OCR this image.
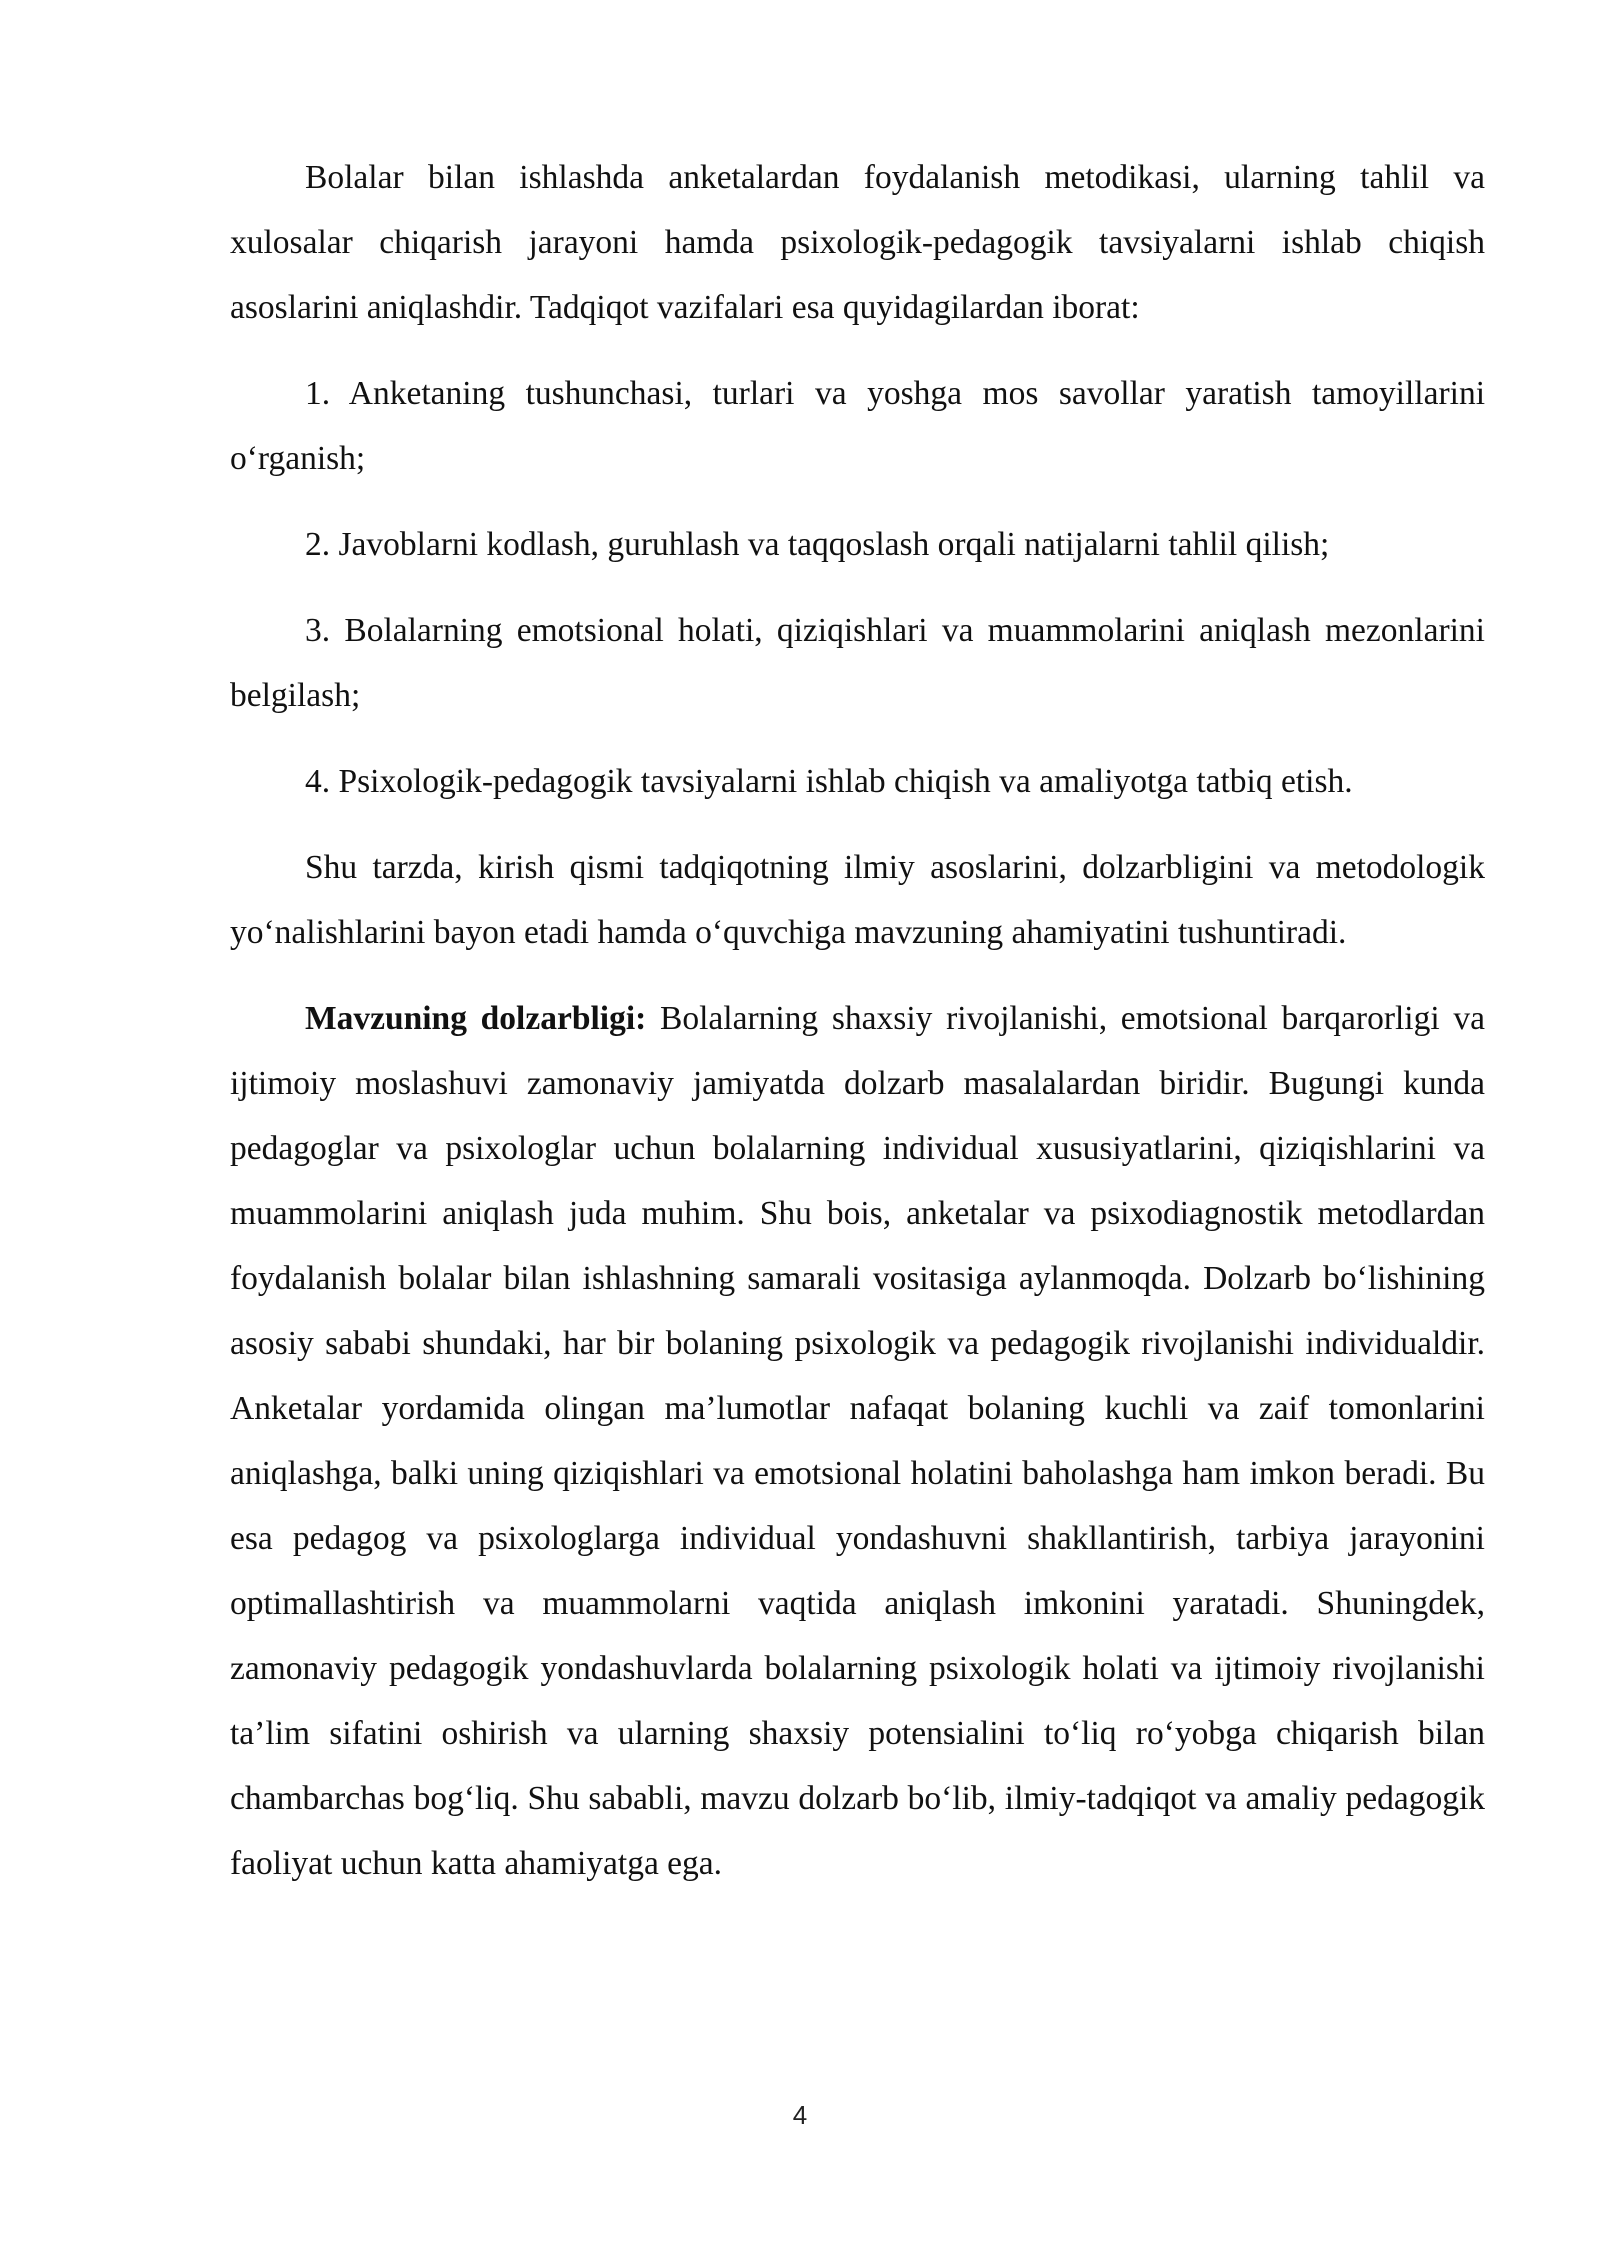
Bolalar bilan ishlashda anketalardan foydalanish metodikasi, ularning tahlil va xulosalar chiqarish jarayoni hamda psixologik-pedagogik tavsiyalarni ishlab chiqish asoslarini aniqlashdir. Tadqiqot vazifalari esa quyidagilardan iborat:

1. Anketaning tushunchasi, turlari va yoshga mos savollar yaratish tamoyillarini o‘rganish;

2. Javoblarni kodlash, guruhlash va taqqoslash orqali natijalarni tahlil qilish;

3. Bolalarning emotsional holati, qiziqishlari va muammolarini aniqlash mezonlarini belgilash;

4. Psixologik-pedagogik tavsiyalarni ishlab chiqish va amaliyotga tatbiq etish.

Shu tarzda, kirish qismi tadqiqotning ilmiy asoslarini, dolzarbligini va metodologik yo‘nalishlarini bayon etadi hamda o‘quvchiga mavzuning ahamiyatini tushuntiradi.

Mavzuning dolzarbligi: Bolalarning shaxsiy rivojlanishi, emotsional barqarorligi va ijtimoiy moslashuvi zamonaviy jamiyatda dolzarb masalalardan biridir. Bugungi kunda pedagoglar va psixologlar uchun bolalarning individual xususiyatlarini, qiziqishlarini va muammolarini aniqlash juda muhim. Shu bois, anketalar va psixodiagnostik metodlardan foydalanish bolalar bilan ishlashning samarali vositasiga aylanmoqda. Dolzarb bo‘lishining asosiy sababi shundaki, har bir bolaning psixologik va pedagogik rivojlanishi individualdir. Anketalar yordamida olingan ma’lumotlar nafaqat bolaning kuchli va zaif tomonlarini aniqlashga, balki uning qiziqishlari va emotsional holatini baholashga ham imkon beradi. Bu esa pedagog va psixologlarga individual yondashuvni shakllantirish, tarbiya jarayonini optimallashtirish va muammolarni vaqtida aniqlash imkonini yaratadi. Shuningdek, zamonaviy pedagogik yondashuvlarda bolalarning psixologik holati va ijtimoiy rivojlanishi ta’lim sifatini oshirish va ularning shaxsiy potensialini to‘liq ro‘yobga chiqarish bilan chambarchas bog‘liq. Shu sababli, mavzu dolzarb bo‘lib, ilmiy-tadqiqot va amaliy pedagogik faoliyat uchun katta ahamiyatga ega.

4
